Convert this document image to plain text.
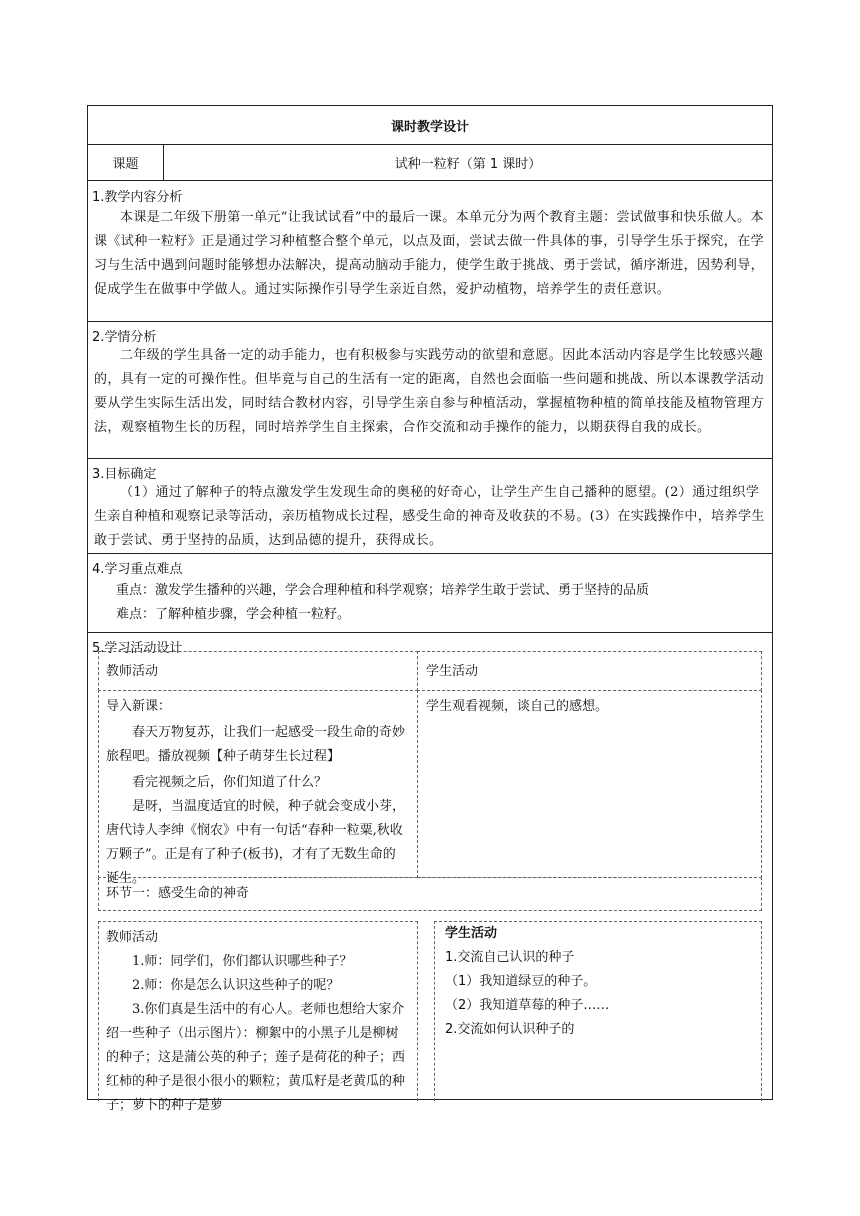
课时教学设计
课题	试种一粒籽（第 1 课时）
1.教学内容分析

本课是二年级下册第一单元“让我试试看”中的最后一课。本单元分为两个教育主题：尝试做事和快乐做人。本课《试种一粒籽》正是通过学习种植整合整个单元，以点及面，尝试去做一件具体的事，引导学生乐于探究，在学习与生活中遇到问题时能够想办法解决，提高动脑动手能力，使学生敢于挑战、勇于尝试，循序渐进，因势利导，促成学生在做事中学做人。通过实际操作引导学生亲近自然，爱护动植物，培养学生的责任意识。

2.学情分析

二年级的学生具备一定的动手能力，也有积极参与实践劳动的欲望和意愿。因此本活动内容是学生比较感兴趣的，具有一定的可操作性。但毕竟与自己的生活有一定的距离，自然也会面临一些问题和挑战、所以本课教学活动要从学生实际生活出发，同时结合教材内容，引导学生亲自参与种植活动，掌握植物种植的简单技能及植物管理方法，观察植物生长的历程，同时培养学生自主探索，合作交流和动手操作的能力，以期获得自我的成长。

3.目标确定

（1）通过了解种子的特点激发学生发现生命的奥秘的好奇心，让学生产生自己播种的愿望。(2）通过组织学生亲自种植和观察记录等活动，亲历植物成长过程，感受生命的神奇及收获的不易。(3）在实践操作中，培养学生敢于尝试、勇于坚持的品质，达到品德的提升，获得成长。

4.学习重点难点
重点：激发学生播种的兴趣，学会合理种植和科学观察；培养学生敢于尝试、勇于坚持的品质
难点：了解种植步骤，学会种植一粒籽。
5.学习活动设计
教师活动	学生活动
导入新课：
春天万物复苏，让我们一起感受一段生命的奇妙旅程吧。播放视频【种子萌芽生长过程】
看完视频之后，你们知道了什么？
是呀，当温度适宜的时候，种子就会变成小芽，唐代诗人李绅《悯农》中有一句话“春种一粒粟,秋收万颗子”。正是有了种子(板书)，才有了无数生命的诞生。
学生观看视频，谈自己的感想。
环节一：感受生命的神奇
教师活动
1.师：同学们，你们都认识哪些种子？
2.师：你是怎么认识这些种子的呢？
3.你们真是生活中的有心人。老师也想给大家介绍一些种子（出示图片）：柳絮中的小黑子儿是柳树的种子；这是蒲公英的种子；莲子是荷花的种子；西红柿的种子是很小很小的颗粒；黄瓜籽是老黄瓜的种子；萝卜的种子是萝
学生活动
1.交流自己认识的种子
（1）我知道绿豆的种子。
（2）我知道草莓的种子……
2.交流如何认识种子的
